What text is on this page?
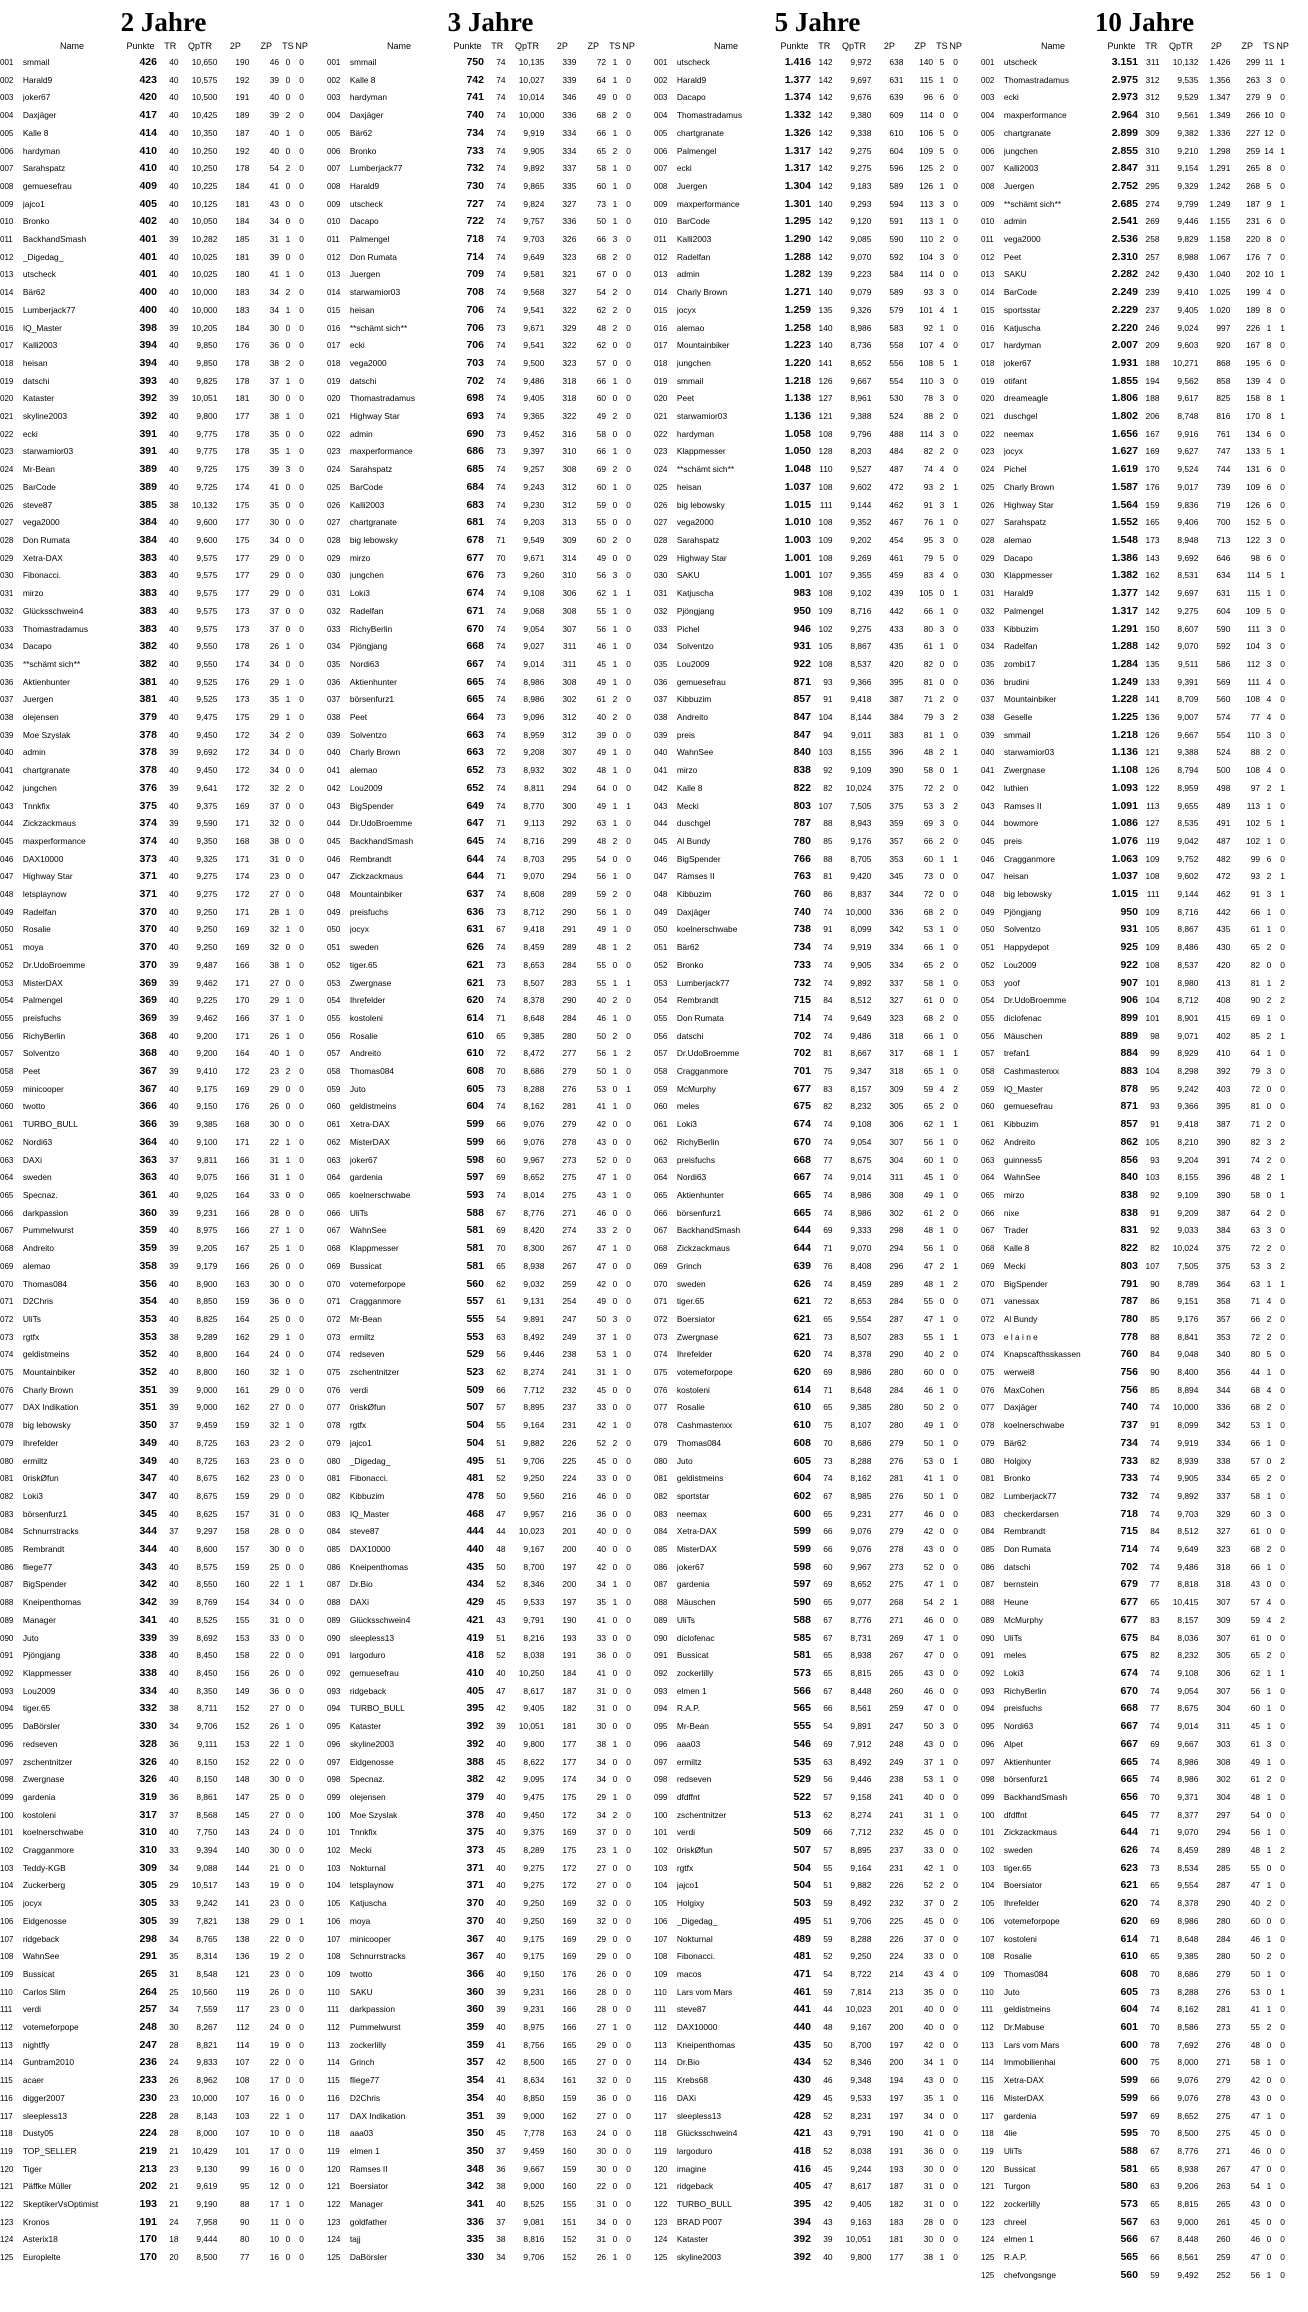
2 Jahre
	Name	Punkte	TR	QpTR	2P	ZP	TS	NP	
001	smmail	426	40	10,650	190	46	0	0	
002	Harald9	423	40	10,575	192	39	0	0	
003	joker67	420	40	10,500	191	40	0	0	
004	Daxjäger	417	40	10,425	189	39	2	0	
005	Kalle 8	414	40	10,350	187	40	1	0	
006	hardyman	410	40	10,250	192	40	0	0	
007	Sarahspatz	410	40	10,250	178	54	2	0	
008	gemuesefrau	409	40	10,225	184	41	0	0	
009	jajco1	405	40	10,125	181	43	0	0	
010	Bronko	402	40	10,050	184	34	0	0	
011	BackhandSmash	401	39	10,282	185	31	1	0	
012	_Digedag_	401	40	10,025	181	39	0	0	
013	utscheck	401	40	10,025	180	41	1	0	
014	Bär62	400	40	10,000	183	34	2	0	
015	Lumberjack77	400	40	10,000	183	34	1	0	
016	IQ_Master	398	39	10,205	184	30	0	0	
017	Kalli2003	394	40	9,850	176	36	0	0	
018	heisan	394	40	9,850	178	38	2	0	
019	datschi	393	40	9,825	178	37	1	0	
020	Kataster	392	39	10,051	181	30	0	0	
021	skyline2003	392	40	9,800	177	38	1	0	
022	ecki	391	40	9,775	178	35	0	0	
023	starwamior03	391	40	9,775	178	35	1	0	
024	Mr-Bean	389	40	9,725	175	39	3	0	
025	BarCode	389	40	9,725	174	41	0	0	
026	steve87	385	38	10,132	175	35	0	0	
027	vega2000	384	40	9,600	177	30	0	0	
028	Don Rumata	384	40	9,600	175	34	0	0	
029	Xetra-DAX	383	40	9,575	177	29	0	0	
030	Fibonacci.	383	40	9,575	177	29	0	0	
031	mirzo	383	40	9,575	177	29	0	0	
032	Glücksschwein4	383	40	9,575	173	37	0	0	
033	Thomastradamus	383	40	9,575	173	37	0	0	
034	Dacapo	382	40	9,550	178	26	1	0	
035	**schämt sich**	382	40	9,550	174	34	0	0	
036	Aktienhunter	381	40	9,525	176	29	1	0	
037	Juergen	381	40	9,525	173	35	1	0	
038	olejensen	379	40	9,475	175	29	1	0	
039	Moe Szyslak	378	40	9,450	172	34	2	0	
040	admin	378	39	9,692	172	34	0	0	
041	chartgranate	378	40	9,450	172	34	0	0	
042	jungchen	376	39	9,641	172	32	2	0	
043	Tnnkfix	375	40	9,375	169	37	0	0	
044	Zickzackmaus	374	39	9,590	171	32	0	0	
045	maxperformance	374	40	9,350	168	38	0	0	
046	DAX10000	373	40	9,325	171	31	0	0	
047	Highway Star	371	40	9,275	174	23	0	0	
048	letsplaynow	371	40	9,275	172	27	0	0	
049	Radelfan	370	40	9,250	171	28	1	0	
050	Rosalie	370	40	9,250	169	32	1	0	
051	moya	370	40	9,250	169	32	0	0	
052	Dr.UdoBroemme	370	39	9,487	166	38	1	0	
053	MisterDAX	369	39	9,462	171	27	0	0	
054	Palmengel	369	40	9,225	170	29	1	0	
055	preisfuchs	369	39	9,462	166	37	1	0	
056	RichyBerlin	368	40	9,200	171	26	1	0	
057	Solventzo	368	40	9,200	164	40	1	0	
058	Peet	367	39	9,410	172	23	2	0	
059	minicooper	367	40	9,175	169	29	0	0	
060	twotto	366	40	9,150	176	26	0	0	
061	TURBO_BULL	366	39	9,385	168	30	0	0	
062	Nordi63	364	40	9,100	171	22	1	0	
063	DAXi	363	37	9,811	166	31	1	0	
064	sweden	363	40	9,075	166	31	1	0	
065	Specnaz.	361	40	9,025	164	33	0	0	
066	darkpassion	360	39	9,231	166	28	0	0	
067	Pummelwurst	359	40	8,975	166	27	1	0	
068	Andreito	359	39	9,205	167	25	1	0	
069	alemao	358	39	9,179	166	26	0	0	
070	Thomas084	356	40	8,900	163	30	0	0	
071	D2Chris	354	40	8,850	159	36	0	0	
072	UliTs	353	40	8,825	164	25	0	0	
073	rgtfx	353	38	9,289	162	29	1	0	
074	geldistmeins	352	40	8,800	164	24	0	0	
075	Mountainbiker	352	40	8,800	160	32	1	0	
076	Charly Brown	351	39	9,000	161	29	0	0	
077	DAX Indikation	351	39	9,000	162	27	0	0	
078	big lebowsky	350	37	9,459	159	32	1	0	
079	Ihrefelder	349	40	8,725	163	23	2	0	
080	ermiltz	349	40	8,725	163	23	0	0	
081	0riskØfun	347	40	8,675	162	23	0	0	
082	Loki3	347	40	8,675	159	29	0	0	
083	börsenfurz1	345	40	8,625	157	31	0	0	
084	Schnurrstracks	344	37	9,297	158	28	0	0	
085	Rembrandt	344	40	8,600	157	30	0	0	
086	fliege77	343	40	8,575	159	25	0	0	
087	BigSpender	342	40	8,550	160	22	1	1	
088	Kneipenthomas	342	39	8,769	154	34	0	0	
089	Manager	341	40	8,525	155	31	0	0	
090	Juto	339	39	8,692	153	33	0	0	
091	Pjöngjang	338	40	8,450	158	22	0	0	
092	Klappmesser	338	40	8,450	156	26	0	0	
093	Lou2009	334	40	8,350	149	36	0	0	
094	tiger.65	332	38	8,711	152	27	0	0	
095	DaBörsler	330	34	9,706	152	26	1	0	
096	redseven	328	36	9,111	153	22	1	0	
097	zschentnitzer	326	40	8,150	152	22	0	0	
098	Zwergnase	326	40	8,150	148	30	0	0	
099	gardenia	319	36	8,861	147	25	0	0	
100	kostoleni	317	37	8,568	145	27	0	0	
101	koelnerschwabe	310	40	7,750	143	24	0	0	
102	Cragganmore	310	33	9,394	140	30	0	0	
103	Teddy-KGB	309	34	9,088	144	21	0	0	
104	Zuckerberg	305	29	10,517	143	19	0	0	
105	jocyx	305	33	9,242	141	23	0	0	
106	Eidgenosse	305	39	7,821	138	29	0	1	
107	ridgeback	298	34	8,765	138	22	0	0	
108	WahnSee	291	35	8,314	136	19	2	0	
109	Bussicat	265	31	8,548	121	23	0	0	
110	Carlos Slim	264	25	10,560	119	26	0	0	
111	verdi	257	34	7,559	117	23	0	0	
112	votemeforpope	248	30	8,267	112	24	0	0	
113	nightfly	247	28	8,821	114	19	0	0	
114	Guntram2010	236	24	9,833	107	22	0	0	
115	acaer	233	26	8,962	108	17	0	0	
116	digger2007	230	23	10,000	107	16	0	0	
117	sleepless13	228	28	8,143	103	22	1	0	
118	Dusty05	224	28	8,000	107	10	0	0	
119	TOP_SELLER	219	21	10,429	101	17	0	0	
120	Tiger	213	23	9,130	99	16	0	0	
121	Päffke Müller	202	21	9,619	95	12	0	0	
122	SkeptikerVsOptimist	193	21	9,190	88	17	1	0	
123	Kronos	191	24	7,958	90	11	0	0	
124	Asterix18	170	18	9,444	80	10	0	0	
125	Europlelte	170	20	8,500	77	16	0	0	
3 Jahre
	Name	Punkte	TR	QpTR	2P	ZP	TS	NP	
001	smmail	750	74	10,135	339	72	1	0	
002	Kalle 8	742	74	10,027	339	64	1	0	
003	hardyman	741	74	10,014	346	49	0	0	
004	Daxjäger	740	74	10,000	336	68	2	0	
005	Bär62	734	74	9,919	334	66	1	0	
006	Bronko	733	74	9,905	334	65	2	0	
007	Lumberjack77	732	74	9,892	337	58	1	0	
008	Harald9	730	74	9,865	335	60	1	0	
009	utscheck	727	74	9,824	327	73	1	0	
010	Dacapo	722	74	9,757	336	50	1	0	
011	Palmengel	718	74	9,703	326	66	3	0	
012	Don Rumata	714	74	9,649	323	68	2	0	
013	Juergen	709	74	9,581	321	67	0	0	
014	starwamior03	708	74	9,568	327	54	2	0	
015	heisan	706	74	9,541	322	62	2	0	
016	**schämt sich**	706	73	9,671	329	48	2	0	
017	ecki	706	74	9,541	322	62	0	0	
018	vega2000	703	74	9,500	323	57	0	0	
019	datschi	702	74	9,486	318	66	1	0	
020	Thomastradamus	698	74	9,405	318	60	0	0	
021	Highway Star	693	74	9,365	322	49	2	0	
022	admin	690	73	9,452	316	58	0	0	
023	maxperformance	686	73	9,397	310	66	1	0	
024	Sarahspatz	685	74	9,257	308	69	2	0	
025	BarCode	684	74	9,243	312	60	1	0	
026	Kalli2003	683	74	9,230	312	59	0	0	
027	chartgranate	681	74	9,203	313	55	0	0	
028	big lebowsky	678	71	9,549	309	60	2	0	
029	mirzo	677	70	9,671	314	49	0	0	
030	jungchen	676	73	9,260	310	56	3	0	
031	Loki3	674	74	9,108	306	62	1	1	
032	Radelfan	671	74	9,068	308	55	1	0	
033	RichyBerlin	670	74	9,054	307	56	1	0	
034	Pjöngjang	668	74	9,027	311	46	1	0	
035	Nordi63	667	74	9,014	311	45	1	0	
036	Aktienhunter	665	74	8,986	308	49	1	0	
037	börsenfurz1	665	74	8,986	302	61	2	0	
038	Peet	664	73	9,096	312	40	2	0	
039	Solventzo	663	74	8,959	312	39	0	0	
040	Charly Brown	663	72	9,208	307	49	1	0	
041	alemao	652	73	8,932	302	48	1	0	
042	Lou2009	652	74	8,811	294	64	0	0	
043	BigSpender	649	74	8,770	300	49	1	1	
044	Dr.UdoBroemme	647	71	9,113	292	63	1	0	
045	BackhandSmash	645	74	8,716	299	48	2	0	
046	Rembrandt	644	74	8,703	295	54	0	0	
047	Zickzackmaus	644	71	9,070	294	56	1	0	
048	Mountainbiker	637	74	8,608	289	59	2	0	
049	preisfuchs	636	73	8,712	290	56	1	0	
050	jocyx	631	67	9,418	291	49	1	0	
051	sweden	626	74	8,459	289	48	1	2	
052	tiger.65	621	73	8,653	284	55	0	0	
053	Zwergnase	621	73	8,507	283	55	1	1	
054	Ihrefelder	620	74	8,378	290	40	2	0	
055	kostoleni	614	71	8,648	284	46	1	0	
056	Rosalie	610	65	9,385	280	50	2	0	
057	Andreito	610	72	8,472	277	56	1	2	
058	Thomas084	608	70	8,686	279	50	1	0	
059	Juto	605	73	8,288	276	53	0	1	
060	geldistmeins	604	74	8,162	281	41	1	0	
061	Xetra-DAX	599	66	9,076	279	42	0	0	
062	MisterDAX	599	66	9,076	278	43	0	0	
063	joker67	598	60	9,967	273	52	0	0	
064	gardenia	597	69	8,652	275	47	1	0	
065	koelnerschwabe	593	74	8,014	275	43	1	0	
066	UliTs	588	67	8,776	271	46	0	0	
067	WahnSee	581	69	8,420	274	33	2	0	
068	Klappmesser	581	70	8,300	267	47	1	0	
069	Bussicat	581	65	8,938	267	47	0	0	
070	votemeforpope	560	62	9,032	259	42	0	0	
071	Cragganmore	557	61	9,131	254	49	0	0	
072	Mr-Bean	555	54	9,891	247	50	3	0	
073	ermiltz	553	63	8,492	249	37	1	0	
074	redseven	529	56	9,446	238	53	1	0	
075	zschentnitzer	523	62	8,274	241	31	1	0	
076	verdi	509	66	7,712	232	45	0	0	
077	0riskØfun	507	57	8,895	237	33	0	0	
078	rgtfx	504	55	9,164	231	42	1	0	
079	jajco1	504	51	9,882	226	52	2	0	
080	_Digedag_	495	51	9,706	225	45	0	0	
081	Fibonacci.	481	52	9,250	224	33	0	0	
082	Kibbuzim	478	50	9,560	216	46	0	0	
083	IQ_Master	468	47	9,957	216	36	0	0	
084	steve87	444	44	10,023	201	40	0	0	
085	DAX10000	440	48	9,167	200	40	0	0	
086	Kneipenthomas	435	50	8,700	197	42	0	0	
087	Dr.Bio	434	52	8,346	200	34	1	0	
088	DAXi	429	45	9,533	197	35	1	0	
089	Glücksschwein4	421	43	9,791	190	41	0	0	
090	sleepless13	419	51	8,216	193	33	0	0	
091	largoduro	418	52	8,038	191	36	0	0	
092	gemuesefrau	410	40	10,250	184	41	0	0	
093	ridgeback	405	47	8,617	187	31	0	0	
094	TURBO_BULL	395	42	9,405	182	31	0	0	
095	Kataster	392	39	10,051	181	30	0	0	
096	skyline2003	392	40	9,800	177	38	1	0	
097	Eidgenosse	388	45	8,622	177	34	0	0	
098	Specnaz.	382	42	9,095	174	34	0	0	
099	olejensen	379	40	9,475	175	29	1	0	
100	Moe Szyslak	378	40	9,450	172	34	2	0	
101	Tnnkfix	375	40	9,375	169	37	0	0	
102	Mecki	373	45	8,289	175	23	1	0	
103	Nokturnal	371	40	9,275	172	27	0	0	
104	letsplaynow	371	40	9,275	172	27	0	0	
105	Katjuscha	370	40	9,250	169	32	0	0	
106	moya	370	40	9,250	169	32	0	0	
107	minicooper	367	40	9,175	169	29	0	0	
108	Schnurrstracks	367	40	9,175	169	29	0	0	
109	twotto	366	40	9,150	176	26	0	0	
110	SAKU	360	39	9,231	166	28	0	0	
111	darkpassion	360	39	9,231	166	28	0	0	
112	Pummelwurst	359	40	8,975	166	27	1	0	
113	zockerlilly	359	41	8,756	165	29	0	0	
114	Grinch	357	42	8,500	165	27	0	0	
115	fliege77	354	41	8,634	161	32	0	0	
116	D2Chris	354	40	8,850	159	36	0	0	
117	DAX Indikation	351	39	9,000	162	27	0	0	
118	aaa03	350	45	7,778	163	24	0	0	
119	elmen 1	350	37	9,459	160	30	0	0	
120	Ramses II	348	36	9,667	159	30	0	0	
121	Boersiator	342	38	9,000	160	22	0	0	
122	Manager	341	40	8,525	155	31	0	0	
123	goldfather	336	37	9,081	151	34	0	0	
124	tajj	335	38	8,816	152	31	0	0	
125	DaBörsler	330	34	9,706	152	26	1	0	
5 Jahre
	Name	Punkte	TR	QpTR	2P	ZP	TS	NP	
001	utscheck	1.416	142	9,972	638	140	5	0	
002	Harald9	1.377	142	9,697	631	115	1	0	
003	Dacapo	1.374	142	9,676	639	96	6	0	
004	Thomastradamus	1.332	142	9,380	609	114	0	0	
005	chartgranate	1.326	142	9,338	610	106	5	0	
006	Palmengel	1.317	142	9,275	604	109	5	0	
007	ecki	1.317	142	9,275	596	125	2	0	
008	Juergen	1.304	142	9,183	589	126	1	0	
009	maxperformance	1.301	140	9,293	594	113	3	0	
010	BarCode	1.295	142	9,120	591	113	1	0	
011	Kalli2003	1.290	142	9,085	590	110	2	0	
012	Radelfan	1.288	142	9,070	592	104	3	0	
013	admin	1.282	139	9,223	584	114	0	0	
014	Charly Brown	1.271	140	9,079	589	93	3	0	
015	jocyx	1.259	135	9,326	579	101	4	1	
016	alemao	1.258	140	8,986	583	92	1	0	
017	Mountainbiker	1.223	140	8,736	558	107	4	0	
018	jungchen	1.220	141	8,652	556	108	5	1	
019	smmail	1.218	126	9,667	554	110	3	0	
020	Peet	1.138	127	8,961	530	78	3	0	
021	starwamior03	1.136	121	9,388	524	88	2	0	
022	hardyman	1.058	108	9,796	488	114	3	0	
023	Klappmesser	1.050	128	8,203	484	82	2	0	
024	**schämt sich**	1.048	110	9,527	487	74	4	0	
025	heisan	1.037	108	9,602	472	93	2	1	
026	big lebowsky	1.015	111	9,144	462	91	3	1	
027	vega2000	1.010	108	9,352	467	76	1	0	
028	Sarahspatz	1.003	109	9,202	454	95	3	0	
029	Highway Star	1.001	108	9,269	461	79	5	0	
030	SAKU	1.001	107	9,355	459	83	4	0	
031	Katjuscha	983	108	9,102	439	105	0	1	
032	Pjöngjang	950	109	8,716	442	66	1	0	
033	Pichel	946	102	9,275	433	80	3	0	
034	Solventzo	931	105	8,867	435	61	1	0	
035	Lou2009	922	108	8,537	420	82	0	0	
036	gemuesefrau	871	93	9,366	395	81	0	0	
037	Kibbuzim	857	91	9,418	387	71	2	0	
038	Andreito	847	104	8,144	384	79	3	2	
039	preis	847	94	9,011	383	81	1	0	
040	WahnSee	840	103	8,155	396	48	2	1	
041	mirzo	838	92	9,109	390	58	0	1	
042	Kalle 8	822	82	10,024	375	72	2	0	
043	Mecki	803	107	7,505	375	53	3	2	
044	duschgel	787	88	8,943	359	69	3	0	
045	Al Bundy	780	85	9,176	357	66	2	0	
046	BigSpender	766	88	8,705	353	60	1	1	
047	Ramses II	763	81	9,420	345	73	0	0	
048	Kibbuzim	760	86	8,837	344	72	0	0	
049	Daxjäger	740	74	10,000	336	68	2	0	
050	koelnerschwabe	738	91	8,099	342	53	1	0	
051	Bär62	734	74	9,919	334	66	1	0	
052	Bronko	733	74	9,905	334	65	2	0	
053	Lumberjack77	732	74	9,892	337	58	1	0	
054	Rembrandt	715	84	8,512	327	61	0	0	
055	Don Rumata	714	74	9,649	323	68	2	0	
056	datschi	702	74	9,486	318	66	1	0	
057	Dr.UdoBroemme	702	81	8,667	317	68	1	1	
058	Cragganmore	701	75	9,347	318	65	1	0	
059	McMurphy	677	83	8,157	309	59	4	2	
060	meles	675	82	8,232	305	65	2	0	
061	Loki3	674	74	9,108	306	62	1	1	
062	RichyBerlin	670	74	9,054	307	56	1	0	
063	preisfuchs	668	77	8,675	304	60	1	0	
064	Nordi63	667	74	9,014	311	45	1	0	
065	Aktienhunter	665	74	8,986	308	49	1	0	
066	börsenfurz1	665	74	8,986	302	61	2	0	
067	BackhandSmash	644	69	9,333	298	48	1	0	
068	Zickzackmaus	644	71	9,070	294	56	1	0	
069	Grinch	639	76	8,408	296	47	2	1	
070	sweden	626	74	8,459	289	48	1	2	
071	tiger.65	621	72	8,653	284	55	0	0	
072	Boersiator	621	65	9,554	287	47	1	0	
073	Zwergnase	621	73	8,507	283	55	1	1	
074	Ihrefelder	620	74	8,378	290	40	2	0	
075	votemeforpope	620	69	8,986	280	60	0	0	
076	kostoleni	614	71	8,648	284	46	1	0	
077	Rosalie	610	65	9,385	280	50	2	0	
078	Cashmastenxx	610	75	8,107	280	49	1	0	
079	Thomas084	608	70	8,686	279	50	1	0	
080	Juto	605	73	8,288	276	53	0	1	
081	geldistmeins	604	74	8,162	281	41	1	0	
082	sportstar	602	67	8,985	276	50	1	0	
083	neemax	600	65	9,231	277	46	0	0	
084	Xetra-DAX	599	66	9,076	279	42	0	0	
085	MisterDAX	599	66	9,076	278	43	0	0	
086	joker67	598	60	9,967	273	52	0	0	
087	gardenia	597	69	8,652	275	47	1	0	
088	Mäuschen	590	65	9,077	268	54	2	1	
089	UliTs	588	67	8,776	271	46	0	0	
090	diclofenac	585	67	8,731	269	47	1	0	
091	Bussicat	581	65	8,938	267	47	0	0	
092	zockerlilly	573	65	8,815	265	43	0	0	
093	elmen 1	566	67	8,448	260	46	0	0	
094	R.A.P.	565	66	8,561	259	47	0	0	
095	Mr-Bean	555	54	9,891	247	50	3	0	
096	aaa03	546	69	7,912	248	43	0	0	
097	ermiltz	535	63	8,492	249	37	1	0	
098	redseven	529	56	9,446	238	53	1	0	
099	dfdffnt	522	57	9,158	241	40	0	0	
100	zschentnitzer	513	62	8,274	241	31	1	0	
101	verdi	509	66	7,712	232	45	0	0	
102	0riskØfun	507	57	8,895	237	33	0	0	
103	rgtfx	504	55	9,164	231	42	1	0	
104	jajco1	504	51	9,882	226	52	2	0	
105	Holgixy	503	59	8,492	232	37	0	2	
106	_Digedag_	495	51	9,706	225	45	0	0	
107	Nokturnal	489	59	8,288	226	37	0	0	
108	Fibonacci.	481	52	9,250	224	33	0	0	
109	macos	471	54	8,722	214	43	4	0	
110	Lars vom Mars	461	59	7,814	213	35	0	0	
111	steve87	441	44	10,023	201	40	0	0	
112	DAX10000	440	48	9,167	200	40	0	0	
113	Kneipenthomas	435	50	8,700	197	42	0	0	
114	Dr.Bio	434	52	8,346	200	34	1	0	
115	Krebs68	430	46	9,348	194	43	0	0	
116	DAXi	429	45	9,533	197	35	1	0	
117	sleepless13	428	52	8,231	197	34	0	0	
118	Glücksschwein4	421	43	9,791	190	41	0	0	
119	largoduro	418	52	8,038	191	36	0	0	
120	imagine	416	45	9,244	193	30	0	0	
121	ridgeback	405	47	8,617	187	31	0	0	
122	TURBO_BULL	395	42	9,405	182	31	0	0	
123	BRAD P007	394	43	9,163	183	28	0	0	
124	Kataster	392	39	10,051	181	30	0	0	
125	skyline2003	392	40	9,800	177	38	1	0	
10 Jahre
	Name	Punkte	TR	QpTR	2P	ZP	TS	NP	
001	utscheck	3.151	311	10,132	1.426	299	11	1	
002	Thomastradamus	2.975	312	9,535	1.356	263	3	0	
003	ecki	2.973	312	9,529	1.347	279	9	0	
004	maxperformance	2.964	310	9,561	1.349	266	10	0	
005	chartgranate	2.899	309	9,382	1.336	227	12	0	
006	jungchen	2.855	310	9,210	1.298	259	14	1	
007	Kalli2003	2.847	311	9,154	1.291	265	8	0	
008	Juergen	2.752	295	9,329	1.242	268	5	0	
009	**schämt sich**	2.685	274	9,799	1.249	187	9	1	
010	admin	2.541	269	9,446	1.155	231	6	0	
011	vega2000	2.536	258	9,829	1.158	220	8	0	
012	Peet	2.310	257	8,988	1.067	176	7	0	
013	SAKU	2.282	242	9,430	1.040	202	10	1	
014	BarCode	2.249	239	9,410	1.025	199	4	0	
015	sportsstar	2.229	237	9,405	1.020	189	8	0	
016	Katjuscha	2.220	246	9,024	997	226	1	1	
017	hardyman	2.007	209	9,603	920	167	8	0	
018	joker67	1.931	188	10,271	868	195	6	0	
019	otifant	1.855	194	9,562	858	139	4	0	
020	dreameagle	1.806	188	9,617	825	158	8	1	
021	duschgel	1.802	206	8,748	816	170	8	1	
022	neemax	1.656	167	9,916	761	134	6	0	
023	jocyx	1.627	169	9,627	747	133	5	1	
024	Pichel	1.619	170	9,524	744	131	6	0	
025	Charly Brown	1.587	176	9,017	739	109	6	0	
026	Highway Star	1.564	159	9,836	719	126	6	0	
027	Sarahspatz	1.552	165	9,406	700	152	5	0	
028	alemao	1.548	173	8,948	713	122	3	0	
029	Dacapo	1.386	143	9,692	646	98	6	0	
030	Klappmesser	1.382	162	8,531	634	114	5	1	
031	Harald9	1.377	142	9,697	631	115	1	0	
032	Palmengel	1.317	142	9,275	604	109	5	0	
033	Kibbuzim	1.291	150	8,607	590	111	3	0	
034	Radelfan	1.288	142	9,070	592	104	3	0	
035	zombi17	1.284	135	9,511	586	112	3	0	
036	brudini	1.249	133	9,391	569	111	4	0	
037	Mountainbiker	1.228	141	8,709	560	108	4	0	
038	Geselle	1.225	136	9,007	574	77	4	0	
039	smmail	1.218	126	9,667	554	110	3	0	
040	starwamior03	1.136	121	9,388	524	88	2	0	
041	Zwergnase	1.108	126	8,794	500	108	4	0	
042	luthien	1.093	122	8,959	498	97	2	1	
043	Ramses II	1.091	113	9,655	489	113	1	0	
044	bowmore	1.086	127	8,535	491	102	5	1	
045	preis	1.076	119	9,042	487	102	1	0	
046	Cragganmore	1.063	109	9,752	482	99	6	0	
047	heisan	1.037	108	9,602	472	93	2	1	
048	big lebowsky	1.015	111	9,144	462	91	3	1	
049	Pjöngjang	950	109	8,716	442	66	1	0	
050	Solventzo	931	105	8,867	435	61	1	0	
051	Happydepot	925	109	8,486	430	65	2	0	
052	Lou2009	922	108	8,537	420	82	0	0	
053	yoof	907	101	8,980	413	81	1	2	
054	Dr.UdoBroemme	906	104	8,712	408	90	2	2	
055	diclofenac	899	101	8,901	415	69	1	0	
056	Mäuschen	889	98	9,071	402	85	2	1	
057	trefan1	884	99	8,929	410	64	1	0	
058	Cashmastenxx	883	104	8,298	392	79	3	0	
059	IQ_Master	878	95	9,242	403	72	0	0	
060	gemuesefrau	871	93	9,366	395	81	0	0	
061	Kibbuzim	857	91	9,418	387	71	2	0	
062	Andreito	862	105	8,210	390	82	3	2	
063	guinness5	856	93	9,204	391	74	2	0	
064	WahnSee	840	103	8,155	396	48	2	1	
065	mirzo	838	92	9,109	390	58	0	1	
066	nixe	838	91	9,209	387	64	2	0	
067	Trader	831	92	9,033	384	63	3	0	
068	Kalle 8	822	82	10,024	375	72	2	0	
069	Mecki	803	107	7,505	375	53	3	2	
070	BigSpender	791	90	8,789	364	63	1	1	
071	vanessax	787	86	9,151	358	71	4	0	
072	Al Bundy	780	85	9,176	357	66	2	0	
073	e l a i n e	778	88	8,841	353	72	2	0	
074	Knapscafthsskassen	760	84	9,048	340	80	5	0	
075	werwei8	756	90	8,400	356	44	1	0	
076	MaxCohen	756	85	8,894	344	68	4	0	
077	Daxjäger	740	74	10,000	336	68	2	0	
078	koelnerschwabe	737	91	8,099	342	53	1	0	
079	Bär62	734	74	9,919	334	66	1	0	
080	Holgixy	733	82	8,939	338	57	0	2	
081	Bronko	733	74	9,905	334	65	2	0	
082	Lumberjack77	732	74	9,892	337	58	1	0	
083	checkerdarsen	718	74	9,703	329	60	3	0	
084	Rembrandt	715	84	8,512	327	61	0	0	
085	Don Rumata	714	74	9,649	323	68	2	0	
086	datschi	702	74	9,486	318	66	1	0	
087	bernstein	679	77	8,818	318	43	0	0	
088	Heune	677	65	10,415	307	57	4	0	
089	McMurphy	677	83	8,157	309	59	4	2	
090	UliTs	675	84	8,036	307	61	0	0	
091	meles	675	82	8,232	305	65	2	0	
092	Loki3	674	74	9,108	306	62	1	1	
093	RichyBerlin	670	74	9,054	307	56	1	0	
094	preisfuchs	668	77	8,675	304	60	1	0	
095	Nordi63	667	74	9,014	311	45	1	0	
096	Alpet	667	69	9,667	303	61	3	0	
097	Aktienhunter	665	74	8,986	308	49	1	0	
098	börsenfurz1	665	74	8,986	302	61	2	0	
099	BackhandSmash	656	70	9,371	304	48	1	0	
100	dfdffnt	645	77	8,377	297	54	0	0	
101	Zickzackmaus	644	71	9,070	294	56	1	0	
102	sweden	626	74	8,459	289	48	1	2	
103	tiger.65	623	73	8,534	285	55	0	0	
104	Boersiator	621	65	9,554	287	47	1	0	
105	Ihrefelder	620	74	8,378	290	40	2	0	
106	votemeforpope	620	69	8,986	280	60	0	0	
107	kostoleni	614	71	8,648	284	46	1	0	
108	Rosalie	610	65	9,385	280	50	2	0	
109	Thomas084	608	70	8,686	279	50	1	0	
110	Juto	605	73	8,288	276	53	0	1	
111	geldistmeins	604	74	8,162	281	41	1	0	
112	Dr.Mabuse	601	70	8,586	273	55	2	0	
113	Lars vom Mars	600	78	7,692	276	48	0	0	
114	Immobilienhai	600	75	8,000	271	58	1	0	
115	Xetra-DAX	599	66	9,076	279	42	0	0	
116	MisterDAX	599	66	9,076	278	43	0	0	
117	gardenia	597	69	8,652	275	47	1	0	
118	4lie	595	70	8,500	275	45	0	0	
119	UliTs	588	67	8,776	271	46	0	0	
120	Bussicat	581	65	8,938	267	47	0	0	
121	Turgon	580	63	9,206	263	54	1	0	
122	zockerlilly	573	65	8,815	265	43	0	0	
123	chreel	567	63	9,000	261	45	0	0	
124	elmen 1	566	67	8,448	260	46	0	0	
125	R.A.P.	565	66	8,561	259	47	0	0	
125	chefvongsnge	560	59	9,492	252	56	1	0	
